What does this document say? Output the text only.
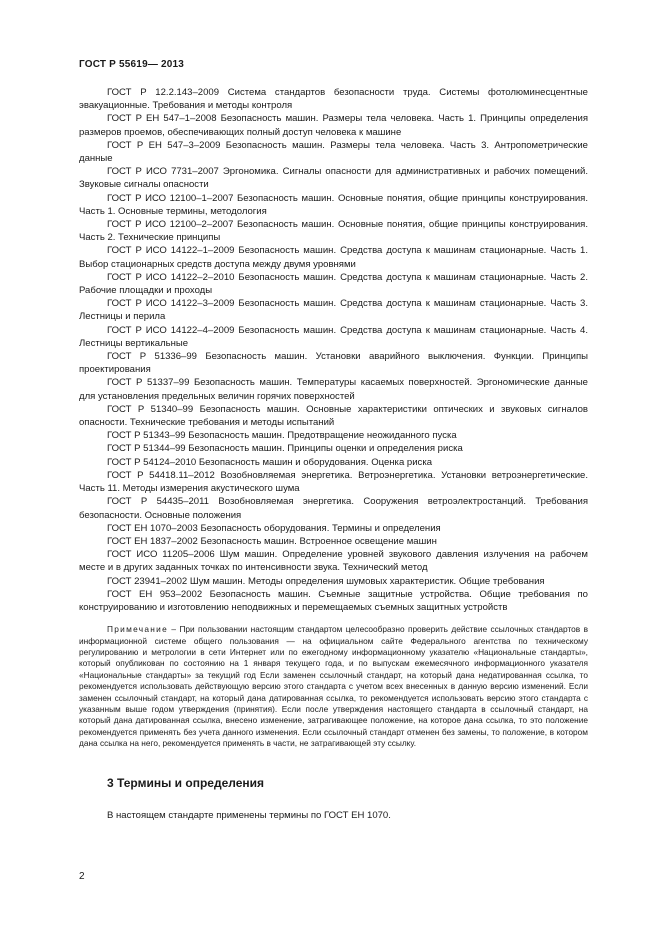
ГОСТ Р 55619— 2013

ГОСТ Р 12.2.143–2009 Система стандартов безопасности труда. Системы фотолюминесцентные эвакуационные. Требования и методы контроля

ГОСТ Р ЕН 547–1–2008 Безопасность машин. Размеры тела человека. Часть 1. Принципы определения размеров проемов, обеспечивающих полный доступ человека к машине

ГОСТ Р ЕН 547–3–2009 Безопасность машин. Размеры тела человека. Часть 3. Антропометрические данные

ГОСТ Р ИСО 7731–2007 Эргономика. Сигналы опасности для административных и рабочих помещений. Звуковые сигналы опасности

ГОСТ Р ИСО 12100–1–2007 Безопасность машин. Основные понятия, общие принципы конструирования. Часть 1. Основные термины, методология

ГОСТ Р ИСО 12100–2–2007 Безопасность машин. Основные понятия, общие принципы конструирования. Часть 2. Технические принципы

ГОСТ Р ИСО 14122–1–2009 Безопасность машин. Средства доступа к машинам стационарные. Часть 1. Выбор стационарных средств доступа между двумя уровнями

ГОСТ Р ИСО 14122–2–2010 Безопасность машин. Средства доступа к машинам стационарные. Часть 2. Рабочие площадки и проходы

ГОСТ Р ИСО 14122–3–2009 Безопасность машин. Средства доступа к машинам стационарные. Часть 3. Лестницы и перила

ГОСТ Р ИСО 14122–4–2009 Безопасность машин. Средства доступа к машинам стационарные. Часть 4. Лестницы вертикальные

ГОСТ Р 51336–99 Безопасность машин. Установки аварийного выключения. Функции. Принципы проектирования

ГОСТ Р 51337–99 Безопасность машин. Температуры касаемых поверхностей. Эргономические данные для установления предельных величин горячих поверхностей

ГОСТ Р 51340–99 Безопасность машин. Основные характеристики оптических и звуковых сигналов опасности. Технические требования и методы испытаний

ГОСТ Р 51343–99 Безопасность машин. Предотвращение неожиданного пуска

ГОСТ Р 51344–99 Безопасность машин. Принципы оценки и определения риска

ГОСТ Р 54124–2010 Безопасность машин и оборудования. Оценка риска

ГОСТ Р 54418.11–2012 Возобновляемая энергетика. Ветроэнергетика. Установки ветроэнергетические. Часть 11. Методы измерения акустического шума

ГОСТ Р 54435–2011 Возобновляемая энергетика. Сооружения ветроэлектростанций. Требования безопасности. Основные положения

ГОСТ ЕН 1070–2003 Безопасность оборудования. Термины и определения

ГОСТ ЕН 1837–2002 Безопасность машин. Встроенное освещение машин

ГОСТ ИСО 11205–2006 Шум машин. Определение уровней звукового давления излучения на рабочем месте и в других заданных точках по интенсивности звука. Технический метод

ГОСТ 23941–2002 Шум машин. Методы определения шумовых характеристик. Общие требования

ГОСТ ЕН 953–2002 Безопасность машин. Съемные защитные устройства. Общие требования по конструированию и изготовлению неподвижных и перемещаемых съемных защитных устройств

Примечание – При пользовании настоящим стандартом целесообразно проверить действие ссылочных стандартов в информационной системе общего пользования — на официальном сайте Федерального агентства по техническому регулированию и метрологии в сети Интернет или по ежегодному информационному указателю «Национальные стандарты», который опубликован по состоянию на 1 января текущего года, и по выпускам ежемесячного информационного указателя «Национальные стандарты» за текущий год Если заменен ссылочный стандарт, на который дана недатированная ссылка, то рекомендуется использовать действующую версию этого стандарта с учетом всех внесенных в данную версию изменений. Если заменен ссылочный стандарт, на который дана датированная ссылка, то рекомендуется использовать версию этого стандарта с указанным выше годом утверждения (принятия). Если после утверждения настоящего стандарта в ссылочный стандарт, на который дана датированная ссылка, внесено изменение, затрагивающее положение, на которое дана ссылка, то это положение рекомендуется применять без учета данного изменения. Если ссылочный стандарт отменен без замены, то положение, в котором дана ссылка на него, рекомендуется применять в части, не затрагивающей эту ссылку.
3 Термины и определения
В настоящем стандарте применены термины по ГОСТ ЕН 1070.
2
